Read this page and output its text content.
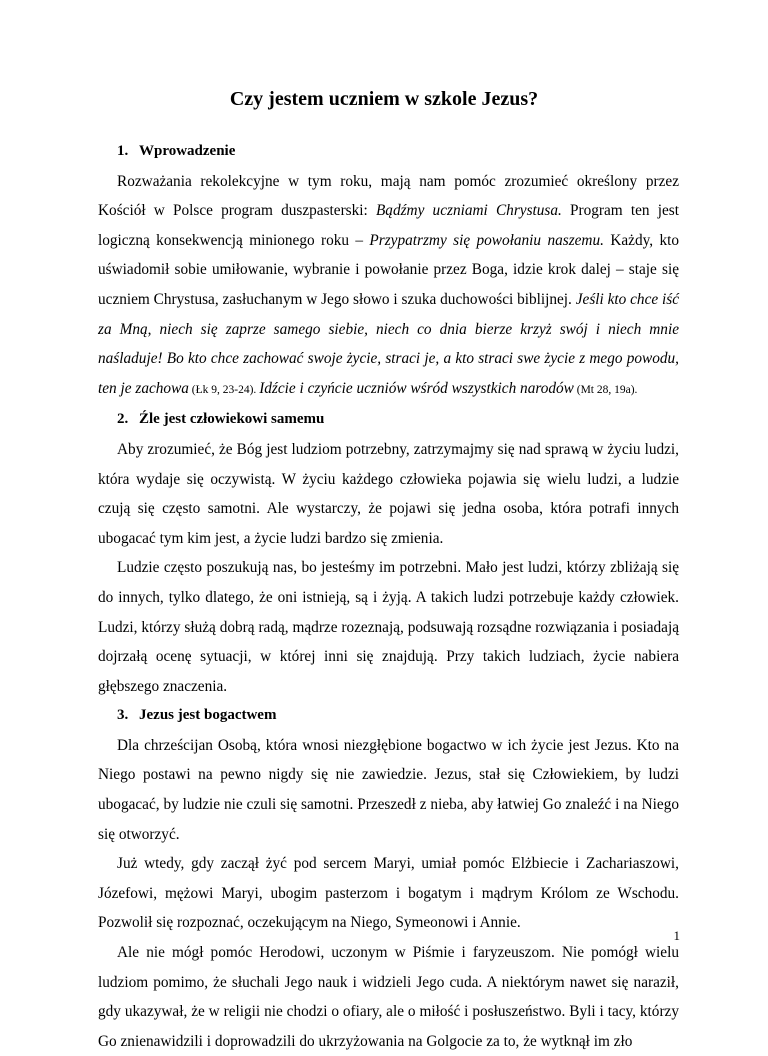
Czy jestem uczniem w szkole Jezus?
1. Wprowadzenie

Rozważania rekolekcyjne w tym roku, mają nam pomóc zrozumieć określony przez Kościół w Polsce program duszpasterski: Bądźmy uczniami Chrystusa. Program ten jest logiczną konsekwencją minionego roku – Przypatrzmy się powołaniu naszemu. Każdy, kto uświadomił sobie umiłowanie, wybranie i powołanie przez Boga, idzie krok dalej – staje się uczniem Chrystusa, zasłuchanym w Jego słowo i szuka duchowości biblijnej. Jeśli kto chce iść za Mną, niech się zaprze samego siebie, niech co dnia bierze krzyż swój i niech mnie naśladuje! Bo kto chce zachować swoje życie, straci je, a kto straci swe życie z mego powodu, ten je zachowa (Łk 9, 23-24). Idźcie i czyńcie uczniów wśród wszystkich narodów (Mt 28, 19a).

2. Źle jest człowiekowi samemu

Aby zrozumieć, że Bóg jest ludziom potrzebny, zatrzymajmy się nad sprawą w życiu ludzi, która wydaje się oczywistą. W życiu każdego człowieka pojawia się wielu ludzi, a ludzie czują się często samotni. Ale wystarczy, że pojawi się jedna osoba, która potrafi innych ubogacać tym kim jest, a życie ludzi bardzo się zmienia.

Ludzie często poszukują nas, bo jesteśmy im potrzebni. Mało jest ludzi, którzy zbliżają się do innych, tylko dlatego, że oni istnieją, są i żyją. A takich ludzi potrzebuje każdy człowiek. Ludzi, którzy służą dobrą radą, mądrze rozeznają, podsuwają rozsądne rozwiązania i posiadają dojrzałą ocenę sytuacji, w której inni się znajdują. Przy takich ludziach, życie nabiera głębszego znaczenia.

3. Jezus jest bogactwem

Dla chrześcijan Osobą, która wnosi niezgłębione bogactwo w ich życie jest Jezus. Kto na Niego postawi na pewno nigdy się nie zawiedzie. Jezus, stał się Człowiekiem, by ludzi ubogacać, by ludzie nie czuli się samotni. Przeszedł z nieba, aby łatwiej Go znaleźć i na Niego się otworzyć.

Już wtedy, gdy zaczął żyć pod sercem Maryi, umiał pomóc Elżbiecie i Zachariaszowi, Józefowi, mężowi Maryi, ubogim pasterzom i bogatym i mądrym Królom ze Wschodu. Pozwolił się rozpoznać, oczekującym na Niego, Symeonowi i Annie.

Ale nie mógł pomóc Herodowi, uczonym w Piśmie i faryzeuszom. Nie pomógł wielu ludziom pomimo, że słuchali Jego nauk i widzieli Jego cuda. A niektórym nawet się naraził, gdy ukazywał, że w religii nie chodzi o ofiary, ale o miłość i posłuszeństwo. Byli i tacy, którzy Go znienawidzili i doprowadzili do ukrzyżowania na Golgocie za to, że wytknął im zło

1
